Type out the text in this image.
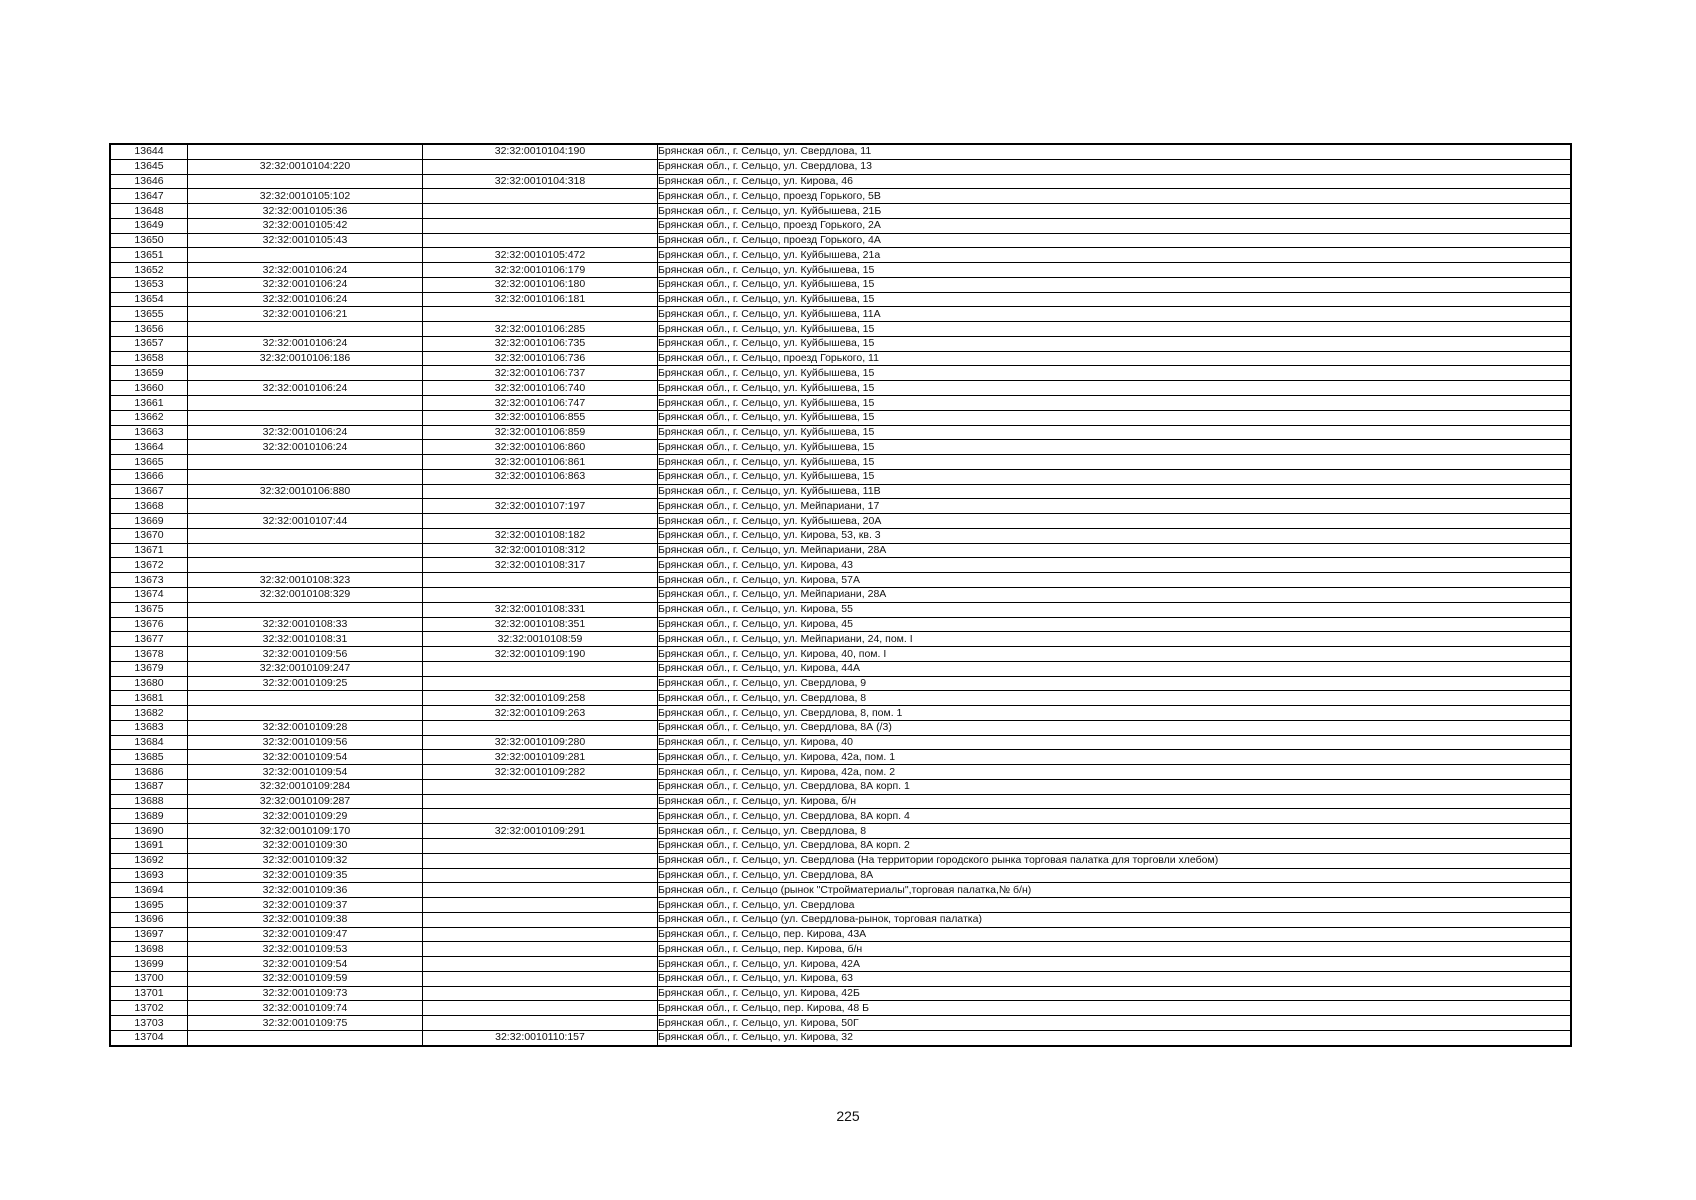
13644		32:32:0010104:190	Брянская обл., г. Сельцо, ул. Свердлова, 11
13645	32:32:0010104:220		Брянская обл., г. Сельцо, ул. Свердлова, 13
13646		32:32:0010104:318	Брянская обл., г. Сельцо, ул. Кирова, 46
13647	32:32:0010105:102		Брянская обл., г. Сельцо, проезд Горького, 5В
13648	32:32:0010105:36		Брянская обл., г. Сельцо, ул. Куйбышева, 21Б
13649	32:32:0010105:42		Брянская обл., г. Сельцо, проезд Горького, 2А
13650	32:32:0010105:43		Брянская обл., г. Сельцо, проезд Горького, 4А
13651		32:32:0010105:472	Брянская обл., г. Сельцо, ул. Куйбышева, 21а
13652	32:32:0010106:24	32:32:0010106:179	Брянская обл., г. Сельцо, ул. Куйбышева, 15
13653	32:32:0010106:24	32:32:0010106:180	Брянская обл., г. Сельцо, ул. Куйбышева, 15
13654	32:32:0010106:24	32:32:0010106:181	Брянская обл., г. Сельцо, ул. Куйбышева, 15
13655	32:32:0010106:21		Брянская обл., г. Сельцо, ул. Куйбышева, 11А
13656		32:32:0010106:285	Брянская обл., г. Сельцо, ул. Куйбышева, 15
13657	32:32:0010106:24	32:32:0010106:735	Брянская обл., г. Сельцо, ул. Куйбышева, 15
13658	32:32:0010106:186	32:32:0010106:736	Брянская обл., г. Сельцо, проезд Горького, 11
13659		32:32:0010106:737	Брянская обл., г. Сельцо, ул. Куйбышева, 15
13660	32:32:0010106:24	32:32:0010106:740	Брянская обл., г. Сельцо, ул. Куйбышева, 15
13661		32:32:0010106:747	Брянская обл., г. Сельцо, ул. Куйбышева, 15
13662		32:32:0010106:855	Брянская обл., г. Сельцо, ул. Куйбышева, 15
13663	32:32:0010106:24	32:32:0010106:859	Брянская обл., г. Сельцо, ул. Куйбышева, 15
13664	32:32:0010106:24	32:32:0010106:860	Брянская обл., г. Сельцо, ул. Куйбышева, 15
13665		32:32:0010106:861	Брянская обл., г. Сельцо, ул. Куйбышева, 15
13666		32:32:0010106:863	Брянская обл., г. Сельцо, ул. Куйбышева, 15
13667	32:32:0010106:880		Брянская обл., г. Сельцо, ул. Куйбышева, 11В
13668		32:32:0010107:197	Брянская обл., г. Сельцо, ул. Мейпариани, 17
13669	32:32:0010107:44		Брянская обл., г. Сельцо, ул. Куйбышева, 20А
13670		32:32:0010108:182	Брянская обл., г. Сельцо, ул. Кирова, 53, кв. 3
13671		32:32:0010108:312	Брянская обл., г. Сельцо, ул. Мейпариани, 28А
13672		32:32:0010108:317	Брянская обл., г. Сельцо, ул. Кирова, 43
13673	32:32:0010108:323		Брянская обл., г. Сельцо, ул. Кирова, 57А
13674	32:32:0010108:329		Брянская обл., г. Сельцо, ул. Мейпариани, 28А
13675		32:32:0010108:331	Брянская обл., г. Сельцо, ул. Кирова, 55
13676	32:32:0010108:33	32:32:0010108:351	Брянская обл., г. Сельцо, ул. Кирова, 45
13677	32:32:0010108:31	32:32:0010108:59	Брянская обл., г. Сельцо, ул. Мейпариани, 24, пом. I
13678	32:32:0010109:56	32:32:0010109:190	Брянская обл., г. Сельцо, ул. Кирова, 40, пом. I
13679	32:32:0010109:247		Брянская обл., г. Сельцо, ул. Кирова, 44А
13680	32:32:0010109:25		Брянская обл., г. Сельцо, ул. Свердлова, 9
13681		32:32:0010109:258	Брянская обл., г. Сельцо, ул. Свердлова, 8
13682		32:32:0010109:263	Брянская обл., г. Сельцо, ул. Свердлова, 8, пом. 1
13683	32:32:0010109:28		Брянская обл., г. Сельцо, ул. Свердлова, 8А (/3)
13684	32:32:0010109:56	32:32:0010109:280	Брянская обл., г. Сельцо, ул. Кирова, 40
13685	32:32:0010109:54	32:32:0010109:281	Брянская обл., г. Сельцо, ул. Кирова, 42а, пом. 1
13686	32:32:0010109:54	32:32:0010109:282	Брянская обл., г. Сельцо, ул. Кирова, 42а, пом. 2
13687	32:32:0010109:284		Брянская обл., г. Сельцо, ул. Свердлова, 8А корп. 1
13688	32:32:0010109:287		Брянская обл., г. Сельцо, ул. Кирова, б/н
13689	32:32:0010109:29		Брянская обл., г. Сельцо, ул. Свердлова, 8А корп. 4
13690	32:32:0010109:170	32:32:0010109:291	Брянская обл., г. Сельцо, ул. Свердлова, 8
13691	32:32:0010109:30		Брянская обл., г. Сельцо, ул. Свердлова, 8А корп. 2
13692	32:32:0010109:32		Брянская обл., г. Сельцо, ул. Свердлова (На территории городского рынка торговая палатка для торговли хлебом)
13693	32:32:0010109:35		Брянская обл., г. Сельцо, ул. Свердлова, 8А
13694	32:32:0010109:36		Брянская обл., г. Сельцо (рынок "Стройматериалы",торговая палатка,№ б/н)
13695	32:32:0010109:37		Брянская обл., г. Сельцо, ул. Свердлова
13696	32:32:0010109:38		Брянская обл., г. Сельцо (ул. Свердлова-рынок, торговая палатка)
13697	32:32:0010109:47		Брянская обл., г. Сельцо, пер. Кирова, 43А
13698	32:32:0010109:53		Брянская обл., г. Сельцо, пер. Кирова, б/н
13699	32:32:0010109:54		Брянская обл., г. Сельцо, ул. Кирова, 42А
13700	32:32:0010109:59		Брянская обл., г. Сельцо, ул. Кирова, 63
13701	32:32:0010109:73		Брянская обл., г. Сельцо, ул. Кирова, 42Б
13702	32:32:0010109:74		Брянская обл., г. Сельцо, пер. Кирова, 48 Б
13703	32:32:0010109:75		Брянская обл., г. Сельцо, ул. Кирова, 50Г
13704		32:32:0010110:157	Брянская обл., г. Сельцо, ул. Кирова, 32
225
